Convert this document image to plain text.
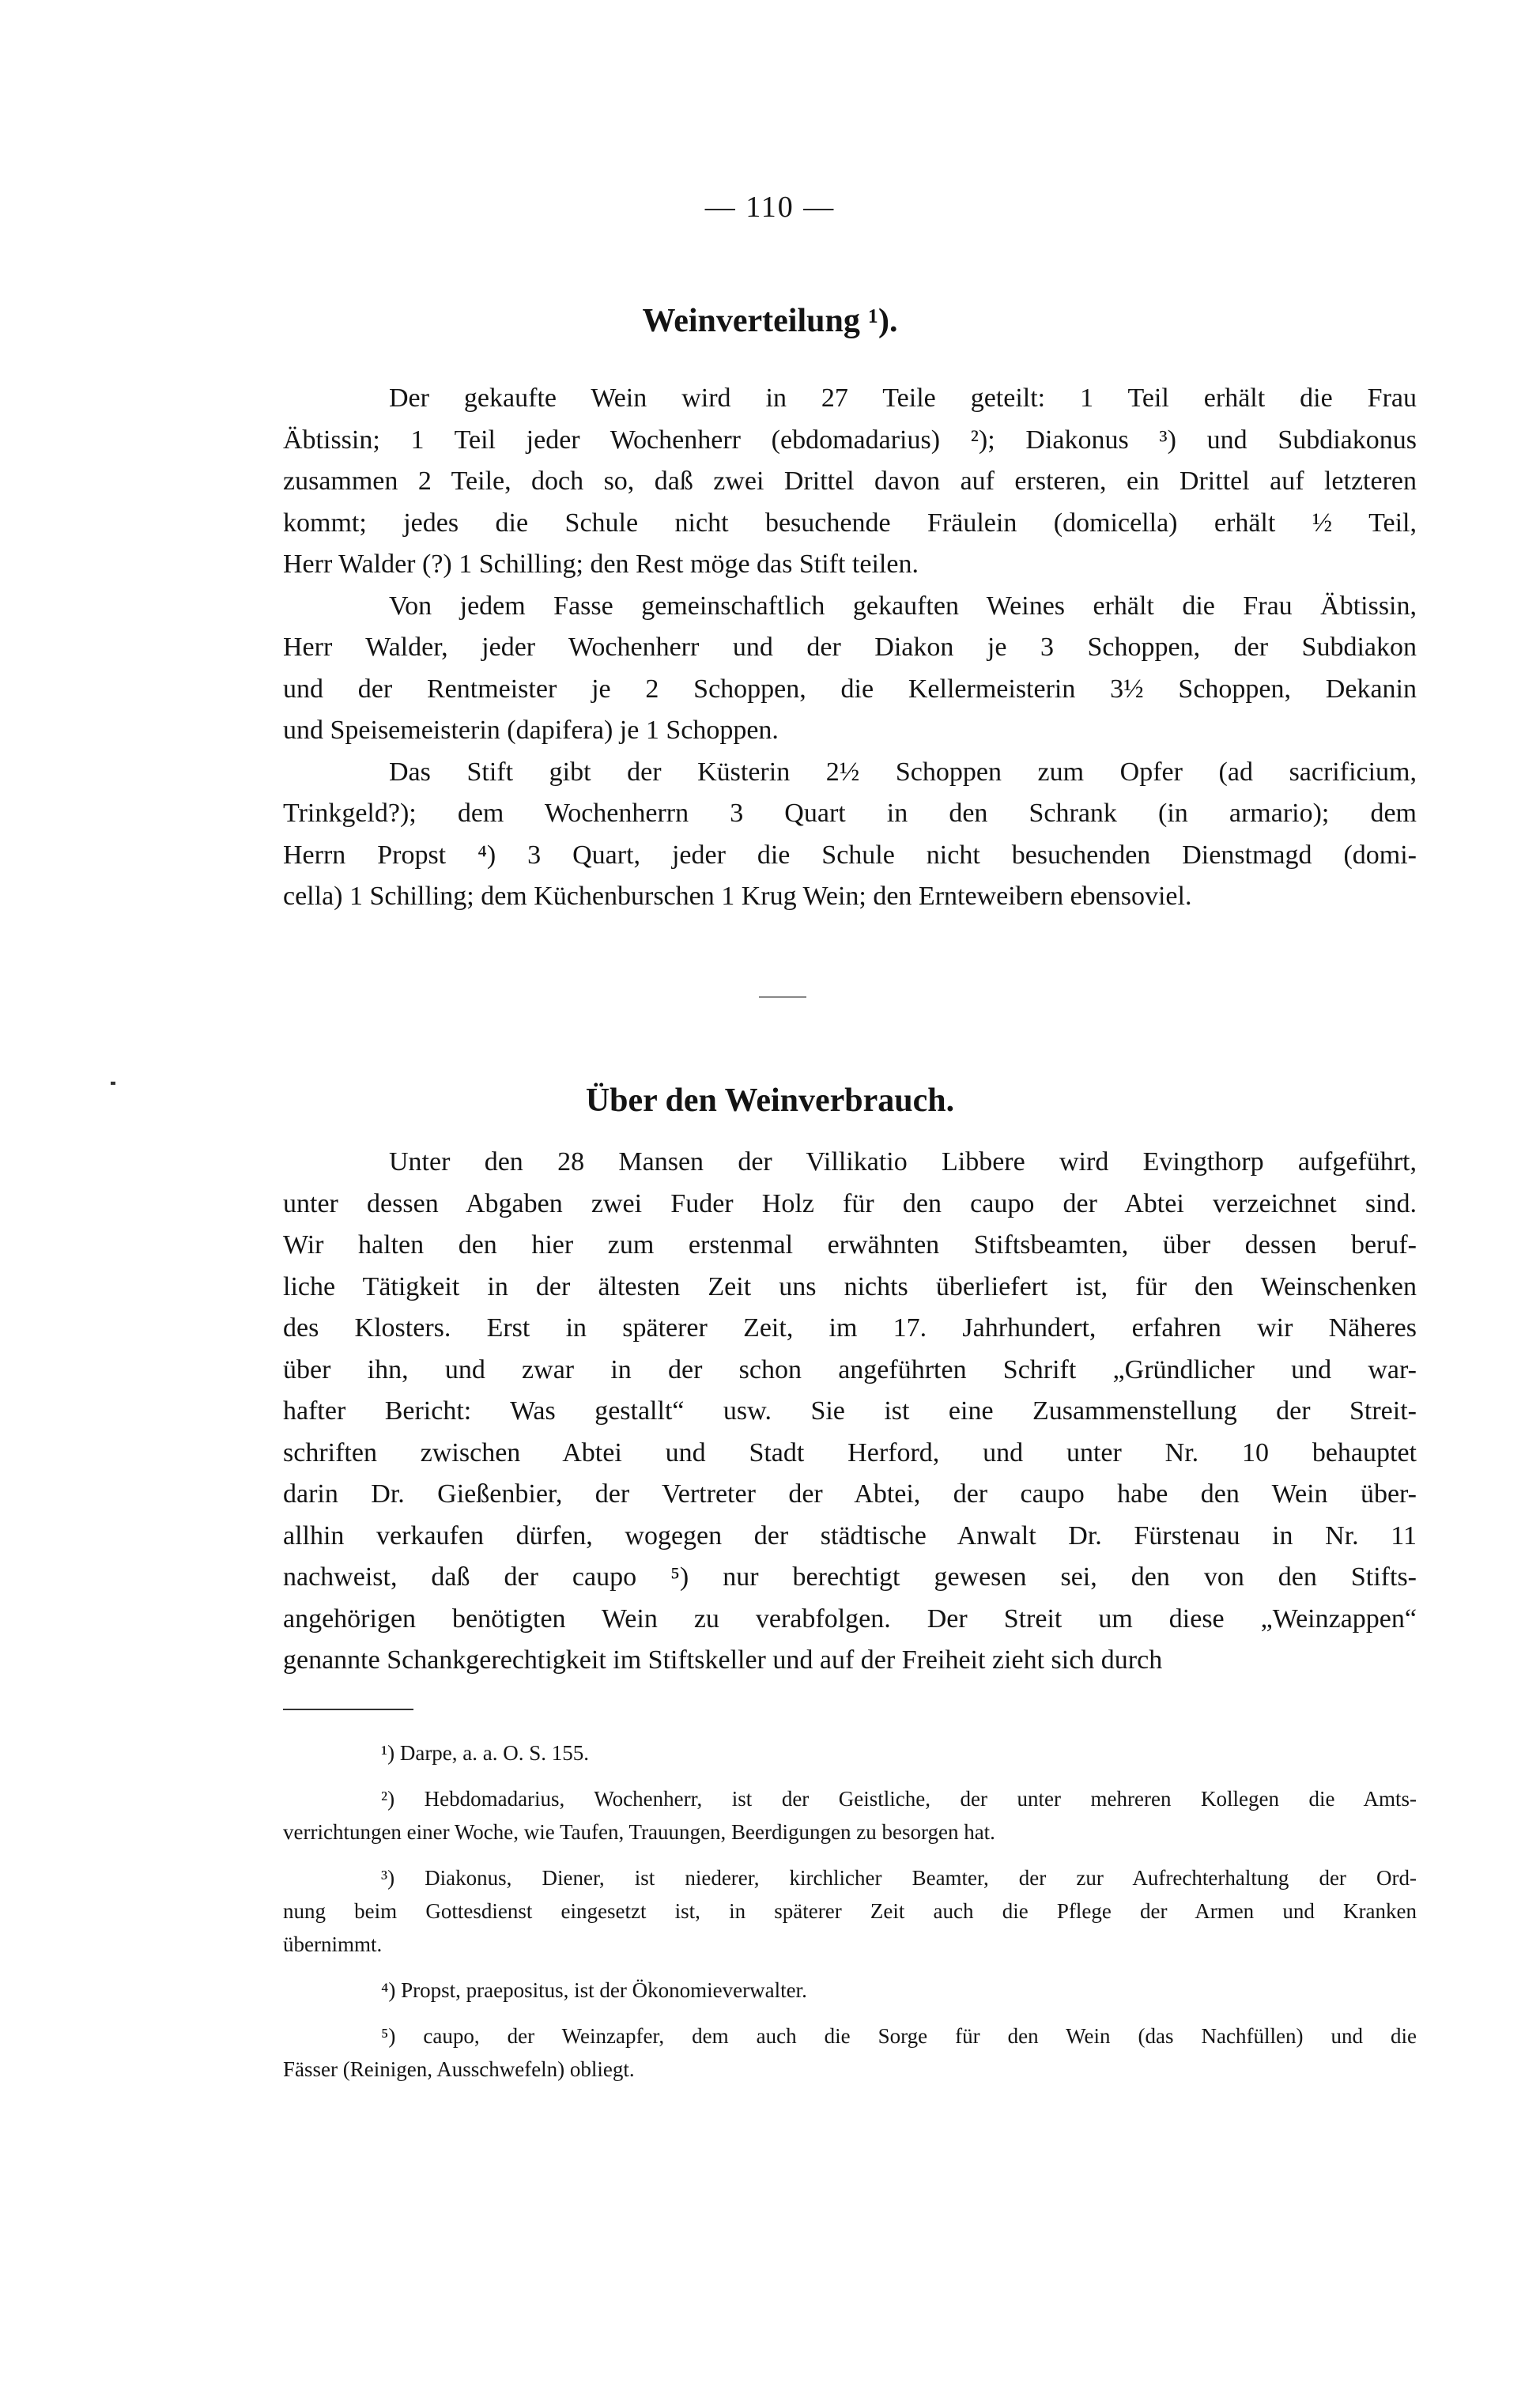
— 110 —
Weinverteilung ¹).
Der gekaufte Wein wird in 27 Teile geteilt: 1 Teil erhält die Frau
Äbtissin; 1 Teil jeder Wochenherr (ebdomadarius) ²); Diakonus ³) und Subdiakonus
zusammen 2 Teile, doch so, daß zwei Drittel davon auf ersteren, ein Drittel auf letzteren
kommt; jedes die Schule nicht besuchende Fräulein (domicella) erhält ½ Teil,
Herr Walder (?) 1 Schilling; den Rest möge das Stift teilen.
Von jedem Fasse gemeinschaftlich gekauften Weines erhält die Frau Äbtissin,
Herr Walder, jeder Wochenherr und der Diakon je 3 Schoppen, der Subdiakon
und der Rentmeister je 2 Schoppen, die Kellermeisterin 3½ Schoppen, Dekanin
und Speisemeisterin (dapifera) je 1 Schoppen.
Das Stift gibt der Küsterin 2½ Schoppen zum Opfer (ad sacrificium,
Trinkgeld?); dem Wochenherrn 3 Quart in den Schrank (in armario); dem
Herrn Propst ⁴) 3 Quart, jeder die Schule nicht besuchenden Dienstmagd (domi-
cella) 1 Schilling; dem Küchenburschen 1 Krug Wein; den Ernteweibern ebensoviel.
Über den Weinverbrauch.
Unter den 28 Mansen der Villikatio Libbere wird Evingthorp aufgeführt,
unter dessen Abgaben zwei Fuder Holz für den caupo der Abtei verzeichnet sind.
Wir halten den hier zum erstenmal erwähnten Stiftsbeamten, über dessen beruf-
liche Tätigkeit in der ältesten Zeit uns nichts überliefert ist, für den Weinschenken
des Klosters. Erst in späterer Zeit, im 17. Jahrhundert, erfahren wir Näheres
über ihn, und zwar in der schon angeführten Schrift „Gründlicher und war-
hafter Bericht: Was gestallt“ usw. Sie ist eine Zusammenstellung der Streit-
schriften zwischen Abtei und Stadt Herford, und unter Nr. 10 behauptet
darin Dr. Gießenbier, der Vertreter der Abtei, der caupo habe den Wein über-
allhin verkaufen dürfen, wogegen der städtische Anwalt Dr. Fürstenau in Nr. 11
nachweist, daß der caupo ⁵) nur berechtigt gewesen sei, den von den Stifts-
angehörigen benötigten Wein zu verabfolgen. Der Streit um diese „Weinzappen“
genannte Schankgerechtigkeit im Stiftskeller und auf der Freiheit zieht sich durch
¹) Darpe, a. a. O. S. 155.
²) Hebdomadarius, Wochenherr, ist der Geistliche, der unter mehreren Kollegen die Amts-
verrichtungen einer Woche, wie Taufen, Trauungen, Beerdigungen zu besorgen hat.
³) Diakonus, Diener, ist niederer, kirchlicher Beamter, der zur Aufrechterhaltung der Ord-
nung beim Gottesdienst eingesetzt ist, in späterer Zeit auch die Pflege der Armen und Kranken
übernimmt.
⁴) Propst, praepositus, ist der Ökonomieverwalter.
⁵) caupo, der Weinzapfer, dem auch die Sorge für den Wein (das Nachfüllen) und die
Fässer (Reinigen, Ausschwefeln) obliegt.
